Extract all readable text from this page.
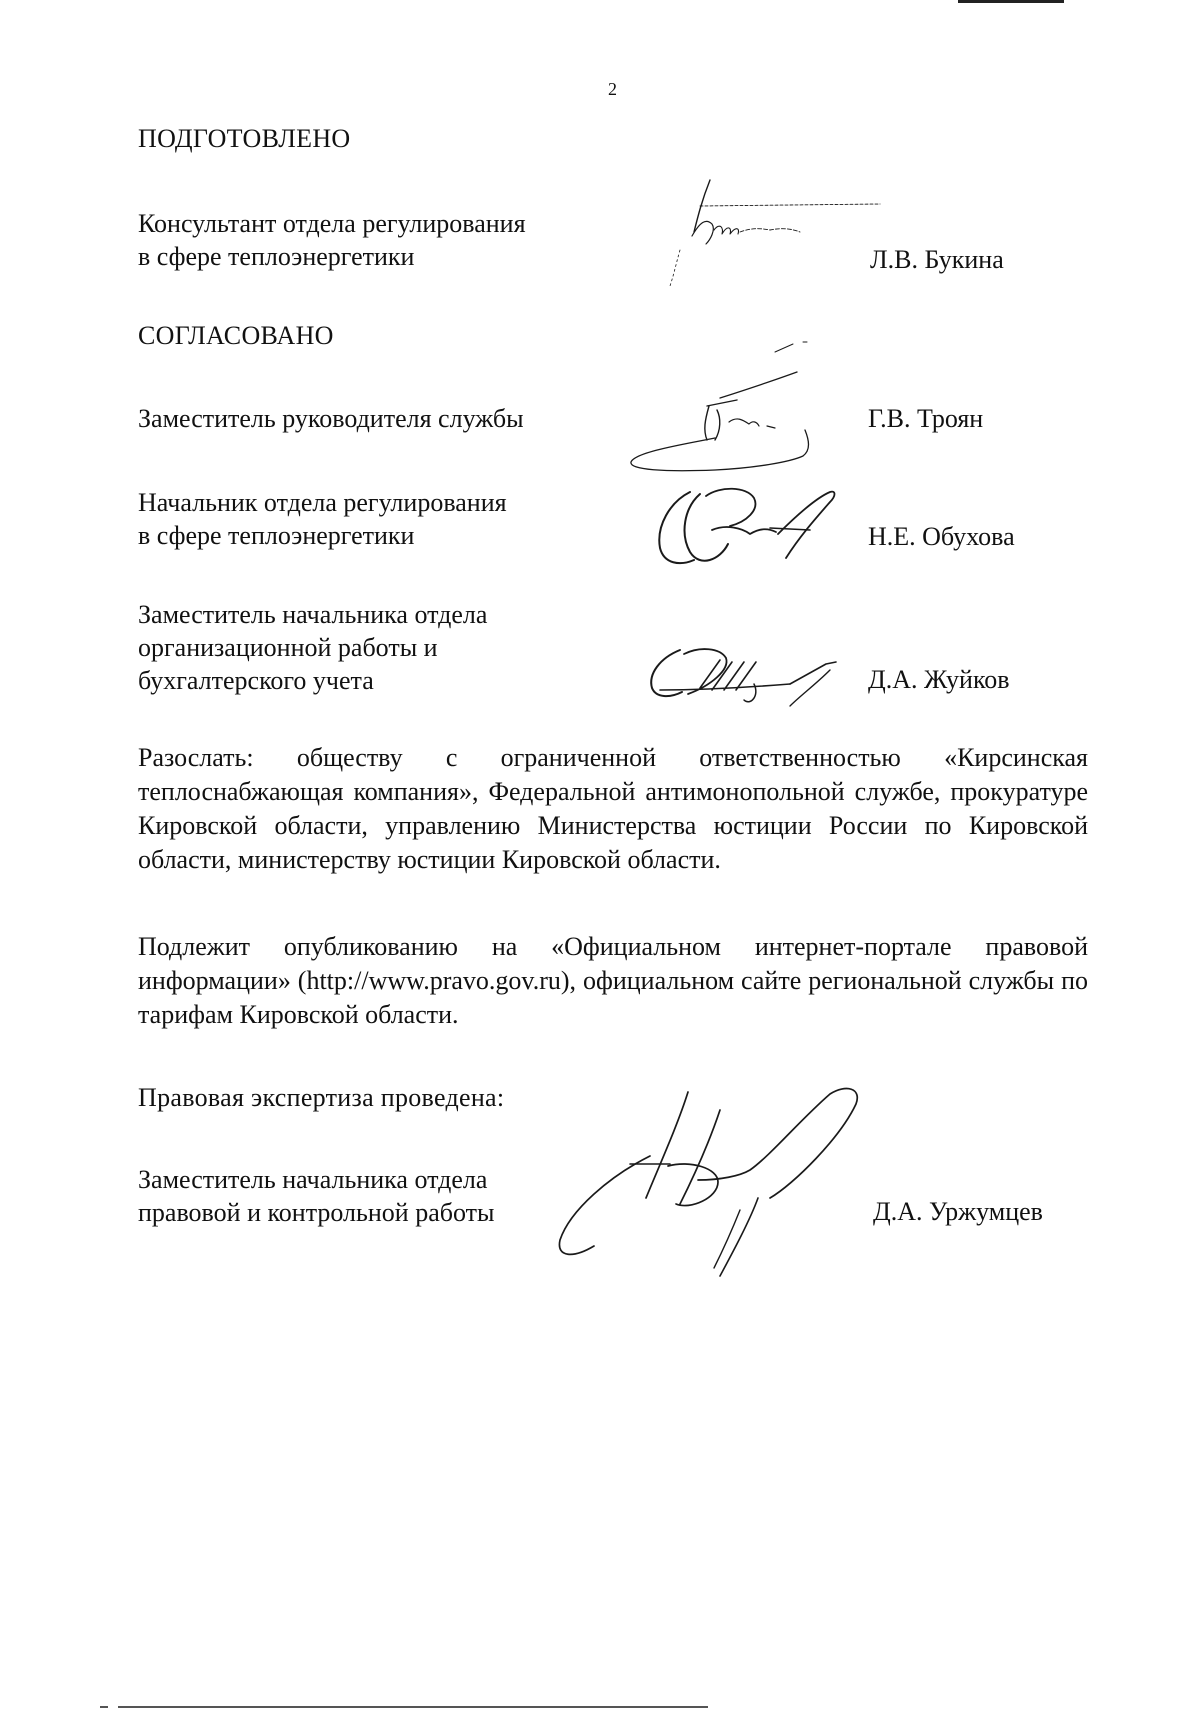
2
ПОДГОТОВЛЕНО
Консультант отдела регулирования
в сфере теплоэнергетики	Л.В. Букина
СОГЛАСОВАНО
Заместитель руководителя службы	Г.В. Троян
Начальник отдела регулирования
в сфере теплоэнергетики	Н.Е. Обухова
Заместитель начальника отдела
организационной работы и
бухгалтерского учета	Д.А. Жуйков
Разослать: обществу с ограниченной ответственностью «Кирсинская теплоснабжающая компания», Федеральной антимонопольной службе, прокуратуре Кировской области, управлению Министерства юстиции России по Кировской области, министерству юстиции Кировской области.
Подлежит опубликованию на «Официальном интернет-портале правовой информации» (http://www.pravo.gov.ru), официальном сайте региональной службы по тарифам Кировской области.
Правовая экспертиза проведена:
Заместитель начальника отдела
правовой и контрольной работы	Д.А. Уржумцев
